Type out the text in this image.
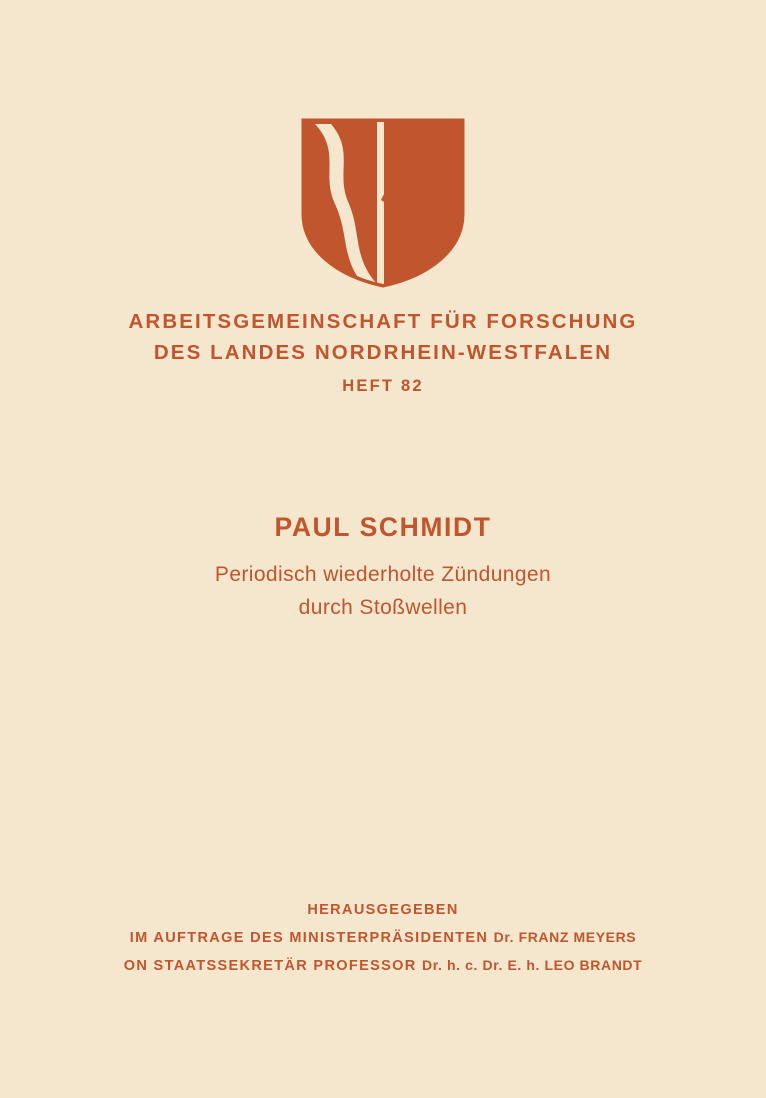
ARBEITSGEMEINSCHAFT FÜR FORSCHUNG
DES LANDES NORDRHEIN-WESTFALEN
HEFT 82
PAUL SCHMIDT
Periodisch wiederholte Zündungen
durch Stoßwellen
HERAUSGEGEBEN
IM AUFTRAGE DES MINISTERPRÄSIDENTEN Dr. FRANZ MEYERS
ON STAATSSEKRETÄR PROFESSOR Dr. h. c. Dr. E. h. LEO BRANDT
